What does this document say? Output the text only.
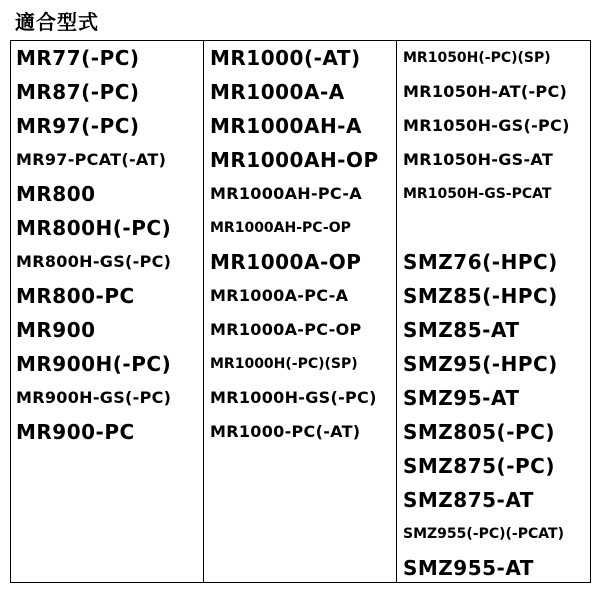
適合型式
MR77(-PC)
MR87(-PC)
MR97(-PC)
MR97-PCAT(-AT)
MR800
MR800H(-PC)
MR800H-GS(-PC)
MR800-PC
MR900
MR900H(-PC)
MR900H-GS(-PC)
MR900-PC
MR1000(-AT)
MR1000A-A
MR1000AH-A
MR1000AH-OP
MR1000AH-PC-A
MR1000AH-PC-OP
MR1000A-OP
MR1000A-PC-A
MR1000A-PC-OP
MR1000H(-PC)(SP)
MR1000H-GS(-PC)
MR1000-PC(-AT)
MR1050H(-PC)(SP)
MR1050H-AT(-PC)
MR1050H-GS(-PC)
MR1050H-GS-AT
MR1050H-GS-PCAT
SMZ76(-HPC)
SMZ85(-HPC)
SMZ85-AT
SMZ95(-HPC)
SMZ95-AT
SMZ805(-PC)
SMZ875(-PC)
SMZ875-AT
SMZ955(-PC)(-PCAT)
SMZ955-AT
